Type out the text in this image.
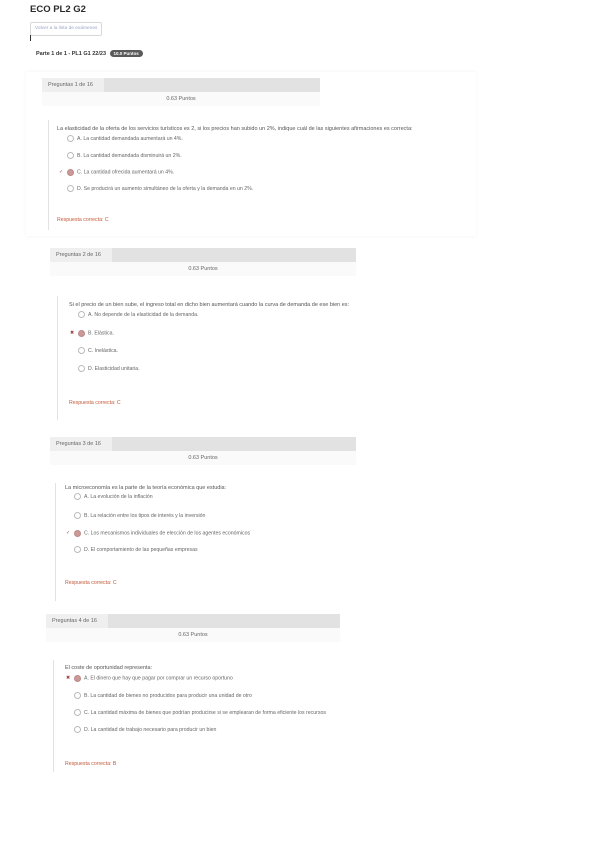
ECO PL2 G2
Volver a la lista de exámenes
Parte 1 de 1 - PL1 G1 22/23 10.0 Puntos
Preguntas 1 de 16
0.63 Puntos
La elasticidad de la oferta de los servicios turísticos es 2, si los precios han subido un 2%, indique cuál de las siguientes afirmaciones es correcta:
A. La cantidad demandada aumentará un 4%.
B. La cantidad demandada disminuirá un 2%.
✓	C. La cantidad ofrecida aumentará un 4%.
D. Se producirá un aumento simultáneo de la oferta y la demanda en un 2%.
Respuesta correcta: C
Preguntas 2 de 16
0.63 Puntos
Si el precio de un bien sube, el ingreso total en dicho bien aumentará cuando la curva de demanda de ese bien es:
A. No depende de la elasticidad de la demanda.
✖	B. Elástica.
C. Inelástica.
D. Elasticidad unitaria.
Respuesta correcta: C
Preguntas 3 de 16
0.63 Puntos
La microeconomía es la parte de la teoría económica que estudia:
A. La evolución de la inflación
B. La relación entre los tipos de interés y la inversión
✓	C. Los mecanismos individuales de elección de los agentes económicos
D. El comportamiento de las pequeñas empresas
Respuesta correcta: C
Preguntas 4 de 16
0.63 Puntos
El coste de oportunidad representa:
✖	A. El dinero que hay que pagar por comprar un recurso oportuno
B. La cantidad de bienes no producidos para producir una unidad de otro
C. La cantidad máxima de bienes que podrían producirse si se emplearan de forma eficiente los recursos
D. La cantidad de trabajo necesario para producir un bien
Respuesta correcta: B
